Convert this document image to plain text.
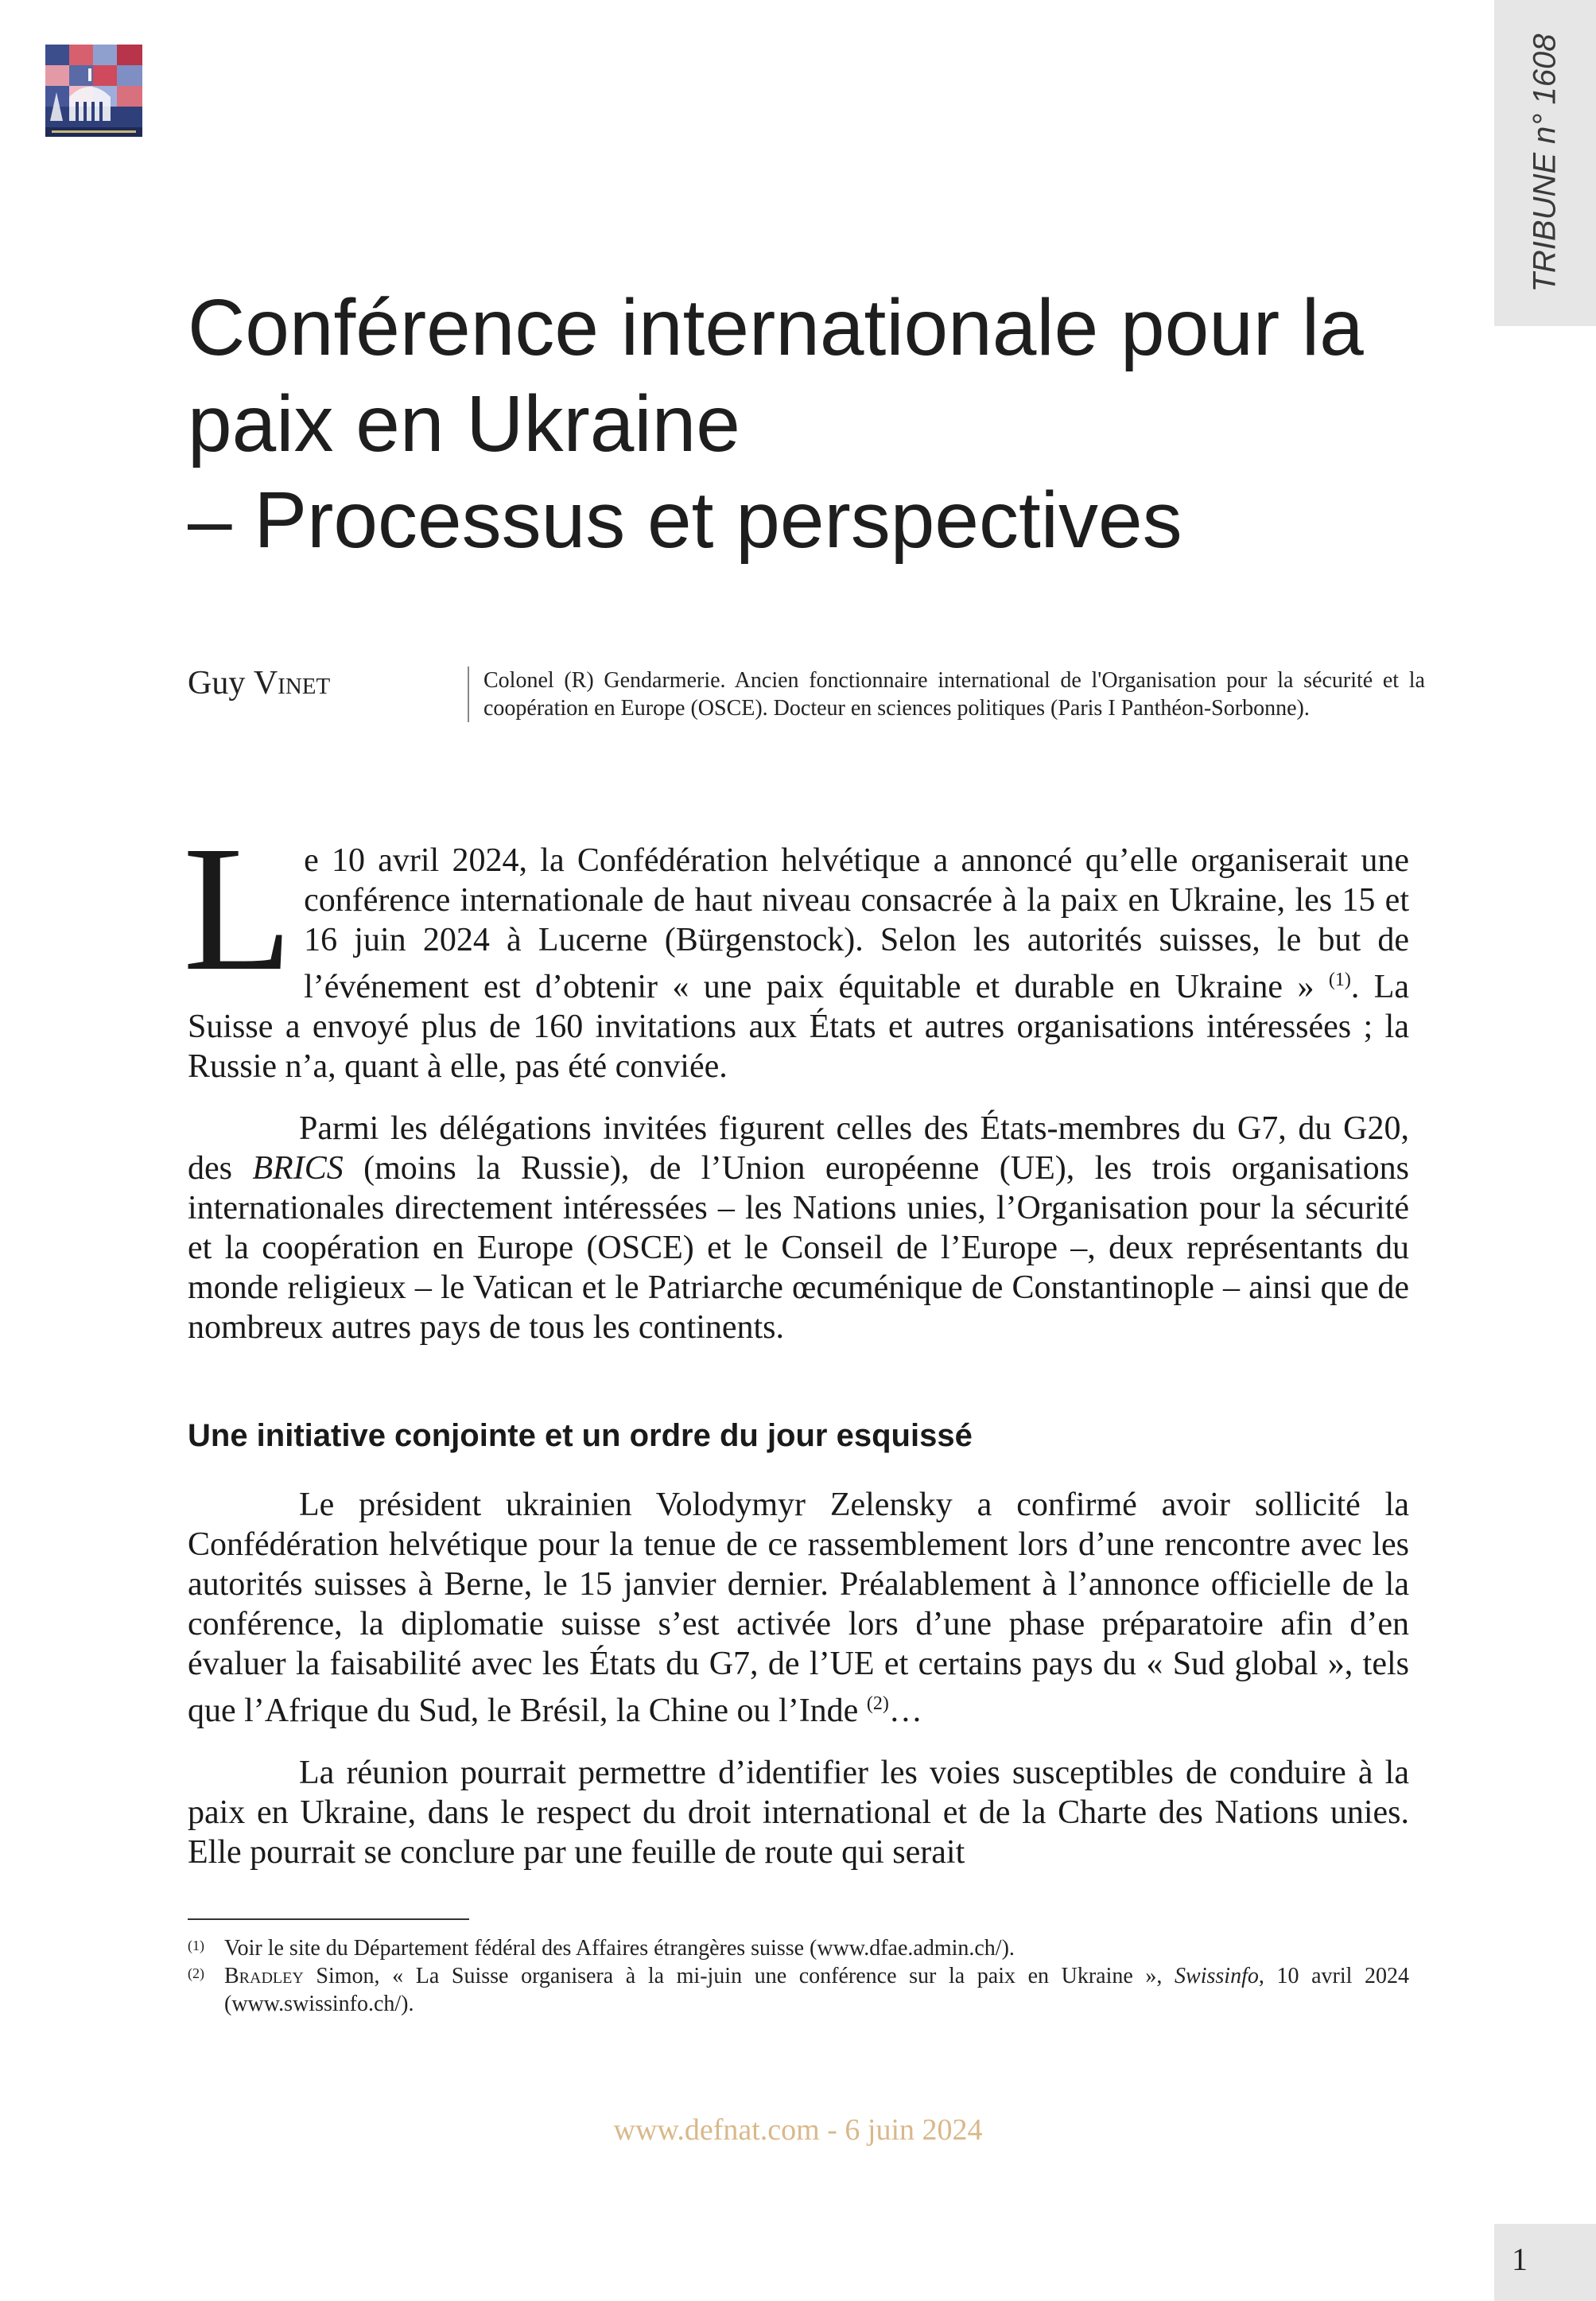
TRIBUNE n° 1608
Conférence internationale pour la
paix en Ukraine
– Processus et perspectives
Guy Vinet	Colonel (R) Gendarmerie. Ancien fonctionnaire international de l'Organisation pour la sécurité et la coopération en Europe (OSCE). Docteur en sciences politiques (Paris I Panthéon-Sorbonne).
Le 10 avril 2024, la Confédération helvétique a annoncé qu’elle organiserait une conférence internationale de haut niveau consacrée à la paix en Ukraine, les 15 et 16 juin 2024 à Lucerne (Bürgenstock). Selon les autorités suisses, le but de l’événement est d’obtenir « une paix équitable et durable en Ukraine » $^{(1)}$. La Suisse a envoyé plus de 160 invitations aux États et autres organisations intéressées ; la Russie n’a, quant à elle, pas été conviée.
Parmi les délégations invitées figurent celles des États-membres du G7, du G20, des BRICS (moins la Russie), de l’Union européenne (UE), les trois organisations internationales directement intéressées – les Nations unies, l’Organisation pour la sécurité et la coopération en Europe (OSCE) et le Conseil de l’Europe –, deux représentants du monde religieux – le Vatican et le Patriarche œcuménique de Constantinople – ainsi que de nombreux autres pays de tous les continents.
Une initiative conjointe et un ordre du jour esquissé
Le président ukrainien Volodymyr Zelensky a confirmé avoir sollicité la Confédération helvétique pour la tenue de ce rassemblement lors d’une rencontre avec les autorités suisses à Berne, le 15 janvier dernier. Préalablement à l’annonce officielle de la conférence, la diplomatie suisse s’est activée lors d’une phase préparatoire afin d’en évaluer la faisabilité avec les États du G7, de l’UE et certains pays du « Sud global », tels que l’Afrique du Sud, le Brésil, la Chine ou l’Inde $^{(2)}$…
La réunion pourrait permettre d’identifier les voies susceptibles de conduire à la paix en Ukraine, dans le respect du droit international et de la Charte des Nations unies. Elle pourrait se conclure par une feuille de route qui serait
(1) Voir le site du Département fédéral des Affaires étrangères suisse (www.dfae.admin.ch/).
(2) Bradley Simon, « La Suisse organisera à la mi-juin une conférence sur la paix en Ukraine », Swissinfo, 10 avril 2024 (www.swissinfo.ch/).
www.defnat.com - 6 juin 2024
1
